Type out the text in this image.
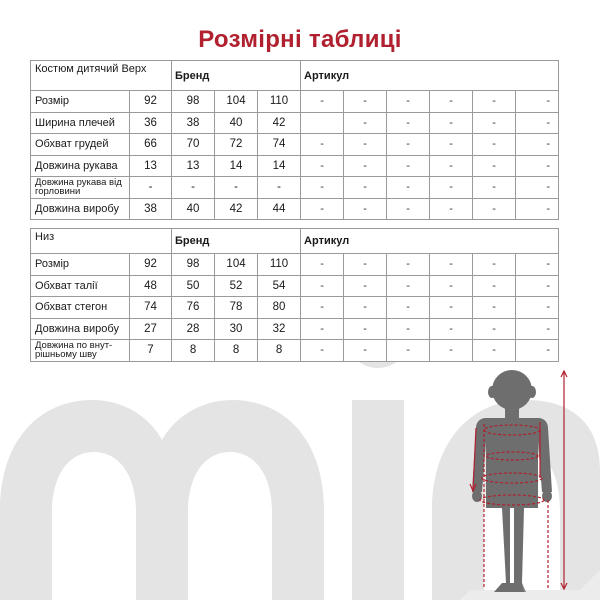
Розмірні таблиці
Костюм дитячий Верх		Бренд			Артикул					
Розмір	92	98	104	110	-	-	-	-	-	-
Ширина плечей	36	38	40	42		-	-	-	-	-
Обхват грудей	66	70	72	74	-	-	-	-	-	-
Довжина рукава	13	13	14	14	-	-	-	-	-	-
Довжина рукава від горловини	-	-	-	-	-	-	-	-	-	-
Довжина виробу	38	40	42	44	-	-	-	-	-	-
Низ		Бренд			Артикул					
Розмір	92	98	104	110	-	-	-	-	-	-
Обхват талії	48	50	52	54	-	-	-	-	-	-
Обхват стегон	74	76	78	80	-	-	-	-	-	-
Довжина виробу	27	28	30	32	-	-	-	-	-	-
Довжина по внут-рішньому шву	7	8	8	8	-	-	-	-	-	-
